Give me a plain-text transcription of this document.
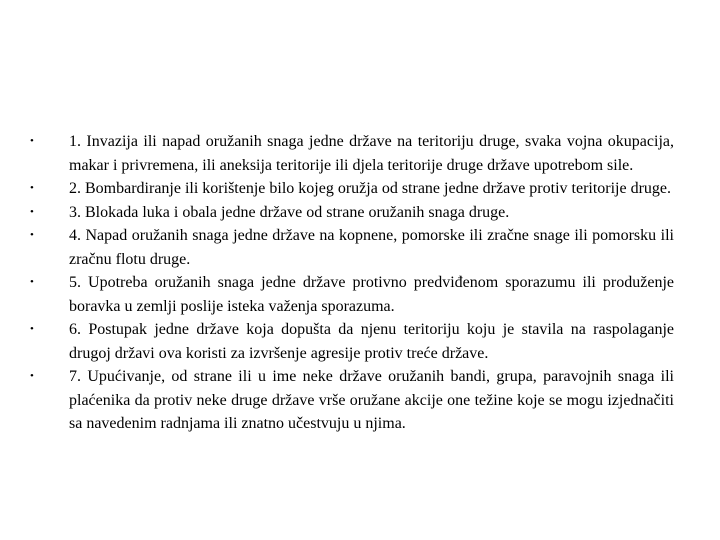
•	1. Invazija ili napad oružanih snaga jedne države na teritoriju druge, svaka vojna okupacija, makar i privremena, ili aneksija teritorije ili djela teritorije druge države upotrebom sile.
•	2. Bombardiranje ili korištenje bilo kojeg oružja od strane jedne države protiv teritorije druge.
•	3. Blokada luka i obala jedne države od strane oružanih snaga druge.
•	4. Napad oružanih snaga jedne države na kopnene, pomorske ili zračne snage ili pomorsku ili zračnu flotu druge.
•	5. Upotreba oružanih snaga jedne države protivno predviđenom sporazumu ili produženje boravka u zemlji poslije isteka važenja sporazuma.
•	6. Postupak jedne države koja dopušta da njenu teritoriju koju je stavila na raspolaganje drugoj državi ova koristi za izvršenje agresije protiv treće države.
•	7. Upućivanje, od strane ili u ime neke države oružanih bandi, grupa, paravojnih snaga ili plaćenika da protiv neke druge države vrše oružane akcije one težine koje se mogu izjednačiti sa navedenim radnjama ili znatno učestvuju u njima.
